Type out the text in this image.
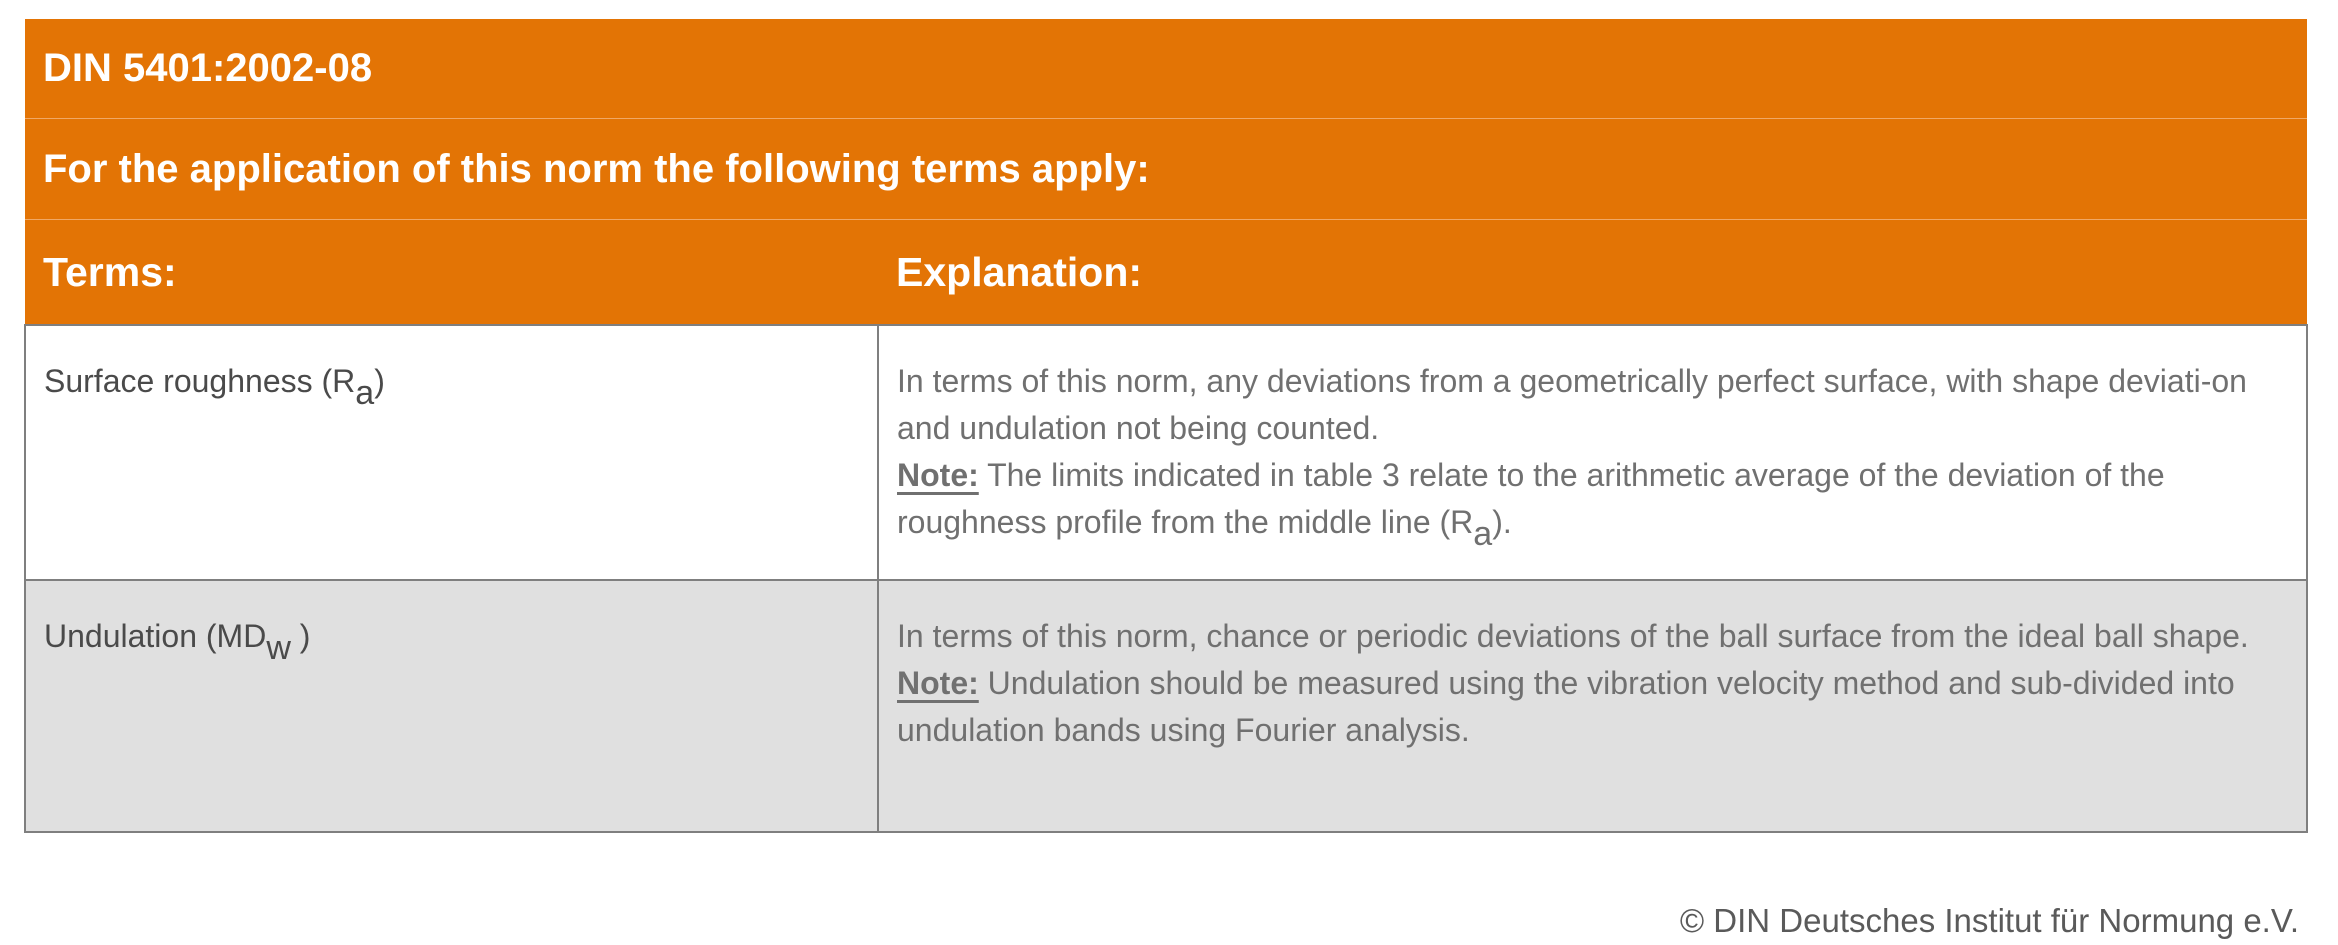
DIN 5401:2002-08	
For the application of this norm the following terms apply:	
Terms:	Explanation:
Surface roughness (Ra)	In terms of this norm, any deviations from a geometrically perfect surface, with shape deviati-on and undulation not being counted.
Note: The limits indicated in table 3 relate to the arithmetic average of the deviation of the roughness profile from the middle line (Ra).
Undulation (MDw )	In terms of this norm, chance or periodic deviations of the ball surface from the ideal ball shape.
Note: Undulation should be measured using the vibration velocity method and sub-divided into undulation bands using Fourier analysis.
© DIN Deutsches Institut für Normung e.V.
